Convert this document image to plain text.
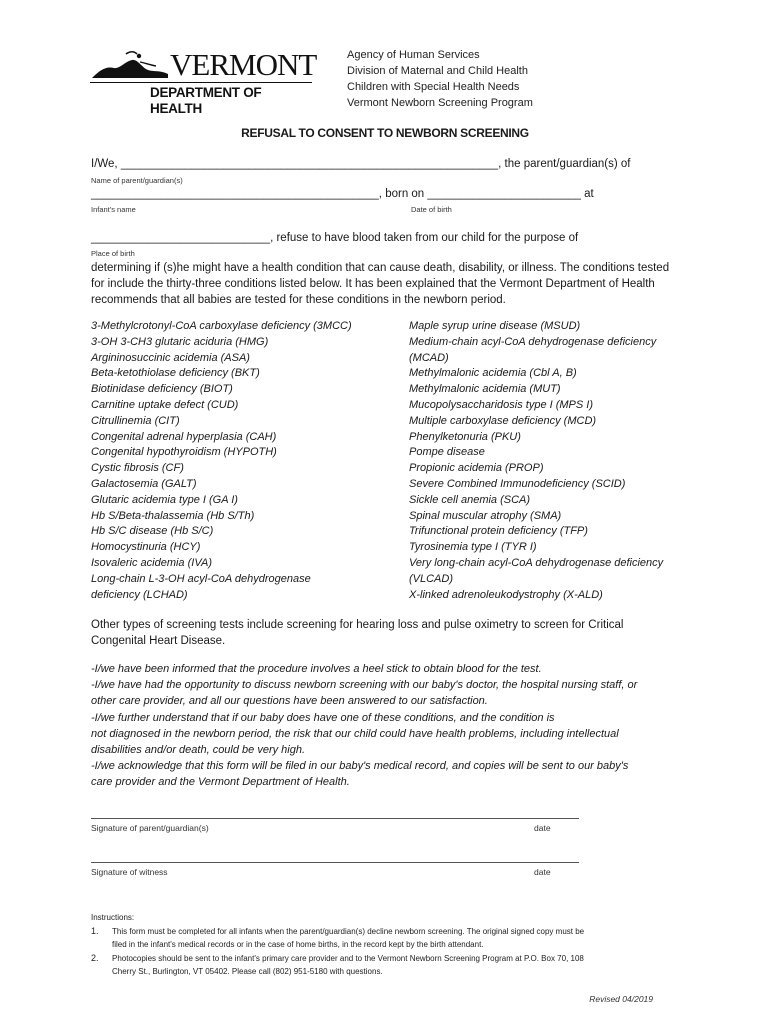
VERMONT
DEPARTMENT OF HEALTH
Agency of Human Services
Division of Maternal and Child Health
Children with Special Health Needs
Vermont Newborn Screening Program
REFUSAL TO CONSENT TO NEWBORN SCREENING
I/We, ___________________________________________________________, the parent/guardian(s) of
Name of parent/guardian(s)
_____________________________________________, born on ________________________ at
Infant's name	Date of birth
____________________________, refuse to have blood taken from our child for the purpose of
Place of birth
determining if (s)he might have a health condition that can cause death, disability, or illness. The conditions tested
for include the thirty-three conditions listed below. It has been explained that the Vermont Department of Health
recommends that all babies are tested for these conditions in the newborn period.
3-Methylcrotonyl-CoA carboxylase deficiency (3MCC)
3-OH 3-CH3 glutaric aciduria (HMG)
Argininosuccinic acidemia (ASA)
Beta-ketothiolase deficiency (BKT)
Biotinidase deficiency (BIOT)
Carnitine uptake defect (CUD)
Citrullinemia (CIT)
Congenital adrenal hyperplasia (CAH)
Congenital hypothyroidism (HYPOTH)
Cystic fibrosis (CF)
Galactosemia (GALT)
Glutaric acidemia type I (GA I)
Hb S/Beta-thalassemia (Hb S/Th)
Hb S/C disease (Hb S/C)
Homocystinuria (HCY)
Isovaleric acidemia (IVA)
Long-chain L-3-OH acyl-CoA dehydrogenase
deficiency (LCHAD)
Maple syrup urine disease (MSUD)
Medium-chain acyl-CoA dehydrogenase deficiency
(MCAD)
Methylmalonic acidemia (Cbl A, B)
Methylmalonic acidemia (MUT)
Mucopolysaccharidosis type I (MPS I)
Multiple carboxylase deficiency (MCD)
Phenylketonuria (PKU)
Pompe disease
Propionic acidemia (PROP)
Severe Combined Immunodeficiency (SCID)
Sickle cell anemia (SCA)
Spinal muscular atrophy (SMA)
Trifunctional protein deficiency (TFP)
Tyrosinemia type I (TYR I)
Very long-chain acyl-CoA dehydrogenase deficiency
(VLCAD)
X-linked adrenoleukodystrophy (X-ALD)
Other types of screening tests include screening for hearing loss and pulse oximetry to screen for Critical
Congenital Heart Disease.
-I/we have been informed that the procedure involves a heel stick to obtain blood for the test.
-I/we have had the opportunity to discuss newborn screening with our baby's doctor, the hospital nursing staff, or
other care provider, and all our questions have been answered to our satisfaction.
-I/we further understand that if our baby does have one of these conditions, and the condition is
not diagnosed in the newborn period, the risk that our child could have health problems, including intellectual
disabilities and/or death, could be very high.
-I/we acknowledge that this form will be filed in our baby's medical record, and copies will be sent to our baby's
care provider and the Vermont Department of Health.
Signature of parent/guardian(s)	date
Signature of witness	date
Instructions:
1. This form must be completed for all infants when the parent/guardian(s) decline newborn screening. The original signed copy must be
filed in the infant's medical records or in the case of home births, in the record kept by the birth attendant.
2. Photocopies should be sent to the infant's primary care provider and to the Vermont Newborn Screening Program at P.O. Box 70, 108
Cherry St., Burlington, VT 05402. Please call (802) 951-5180 with questions.
Revised 04/2019
